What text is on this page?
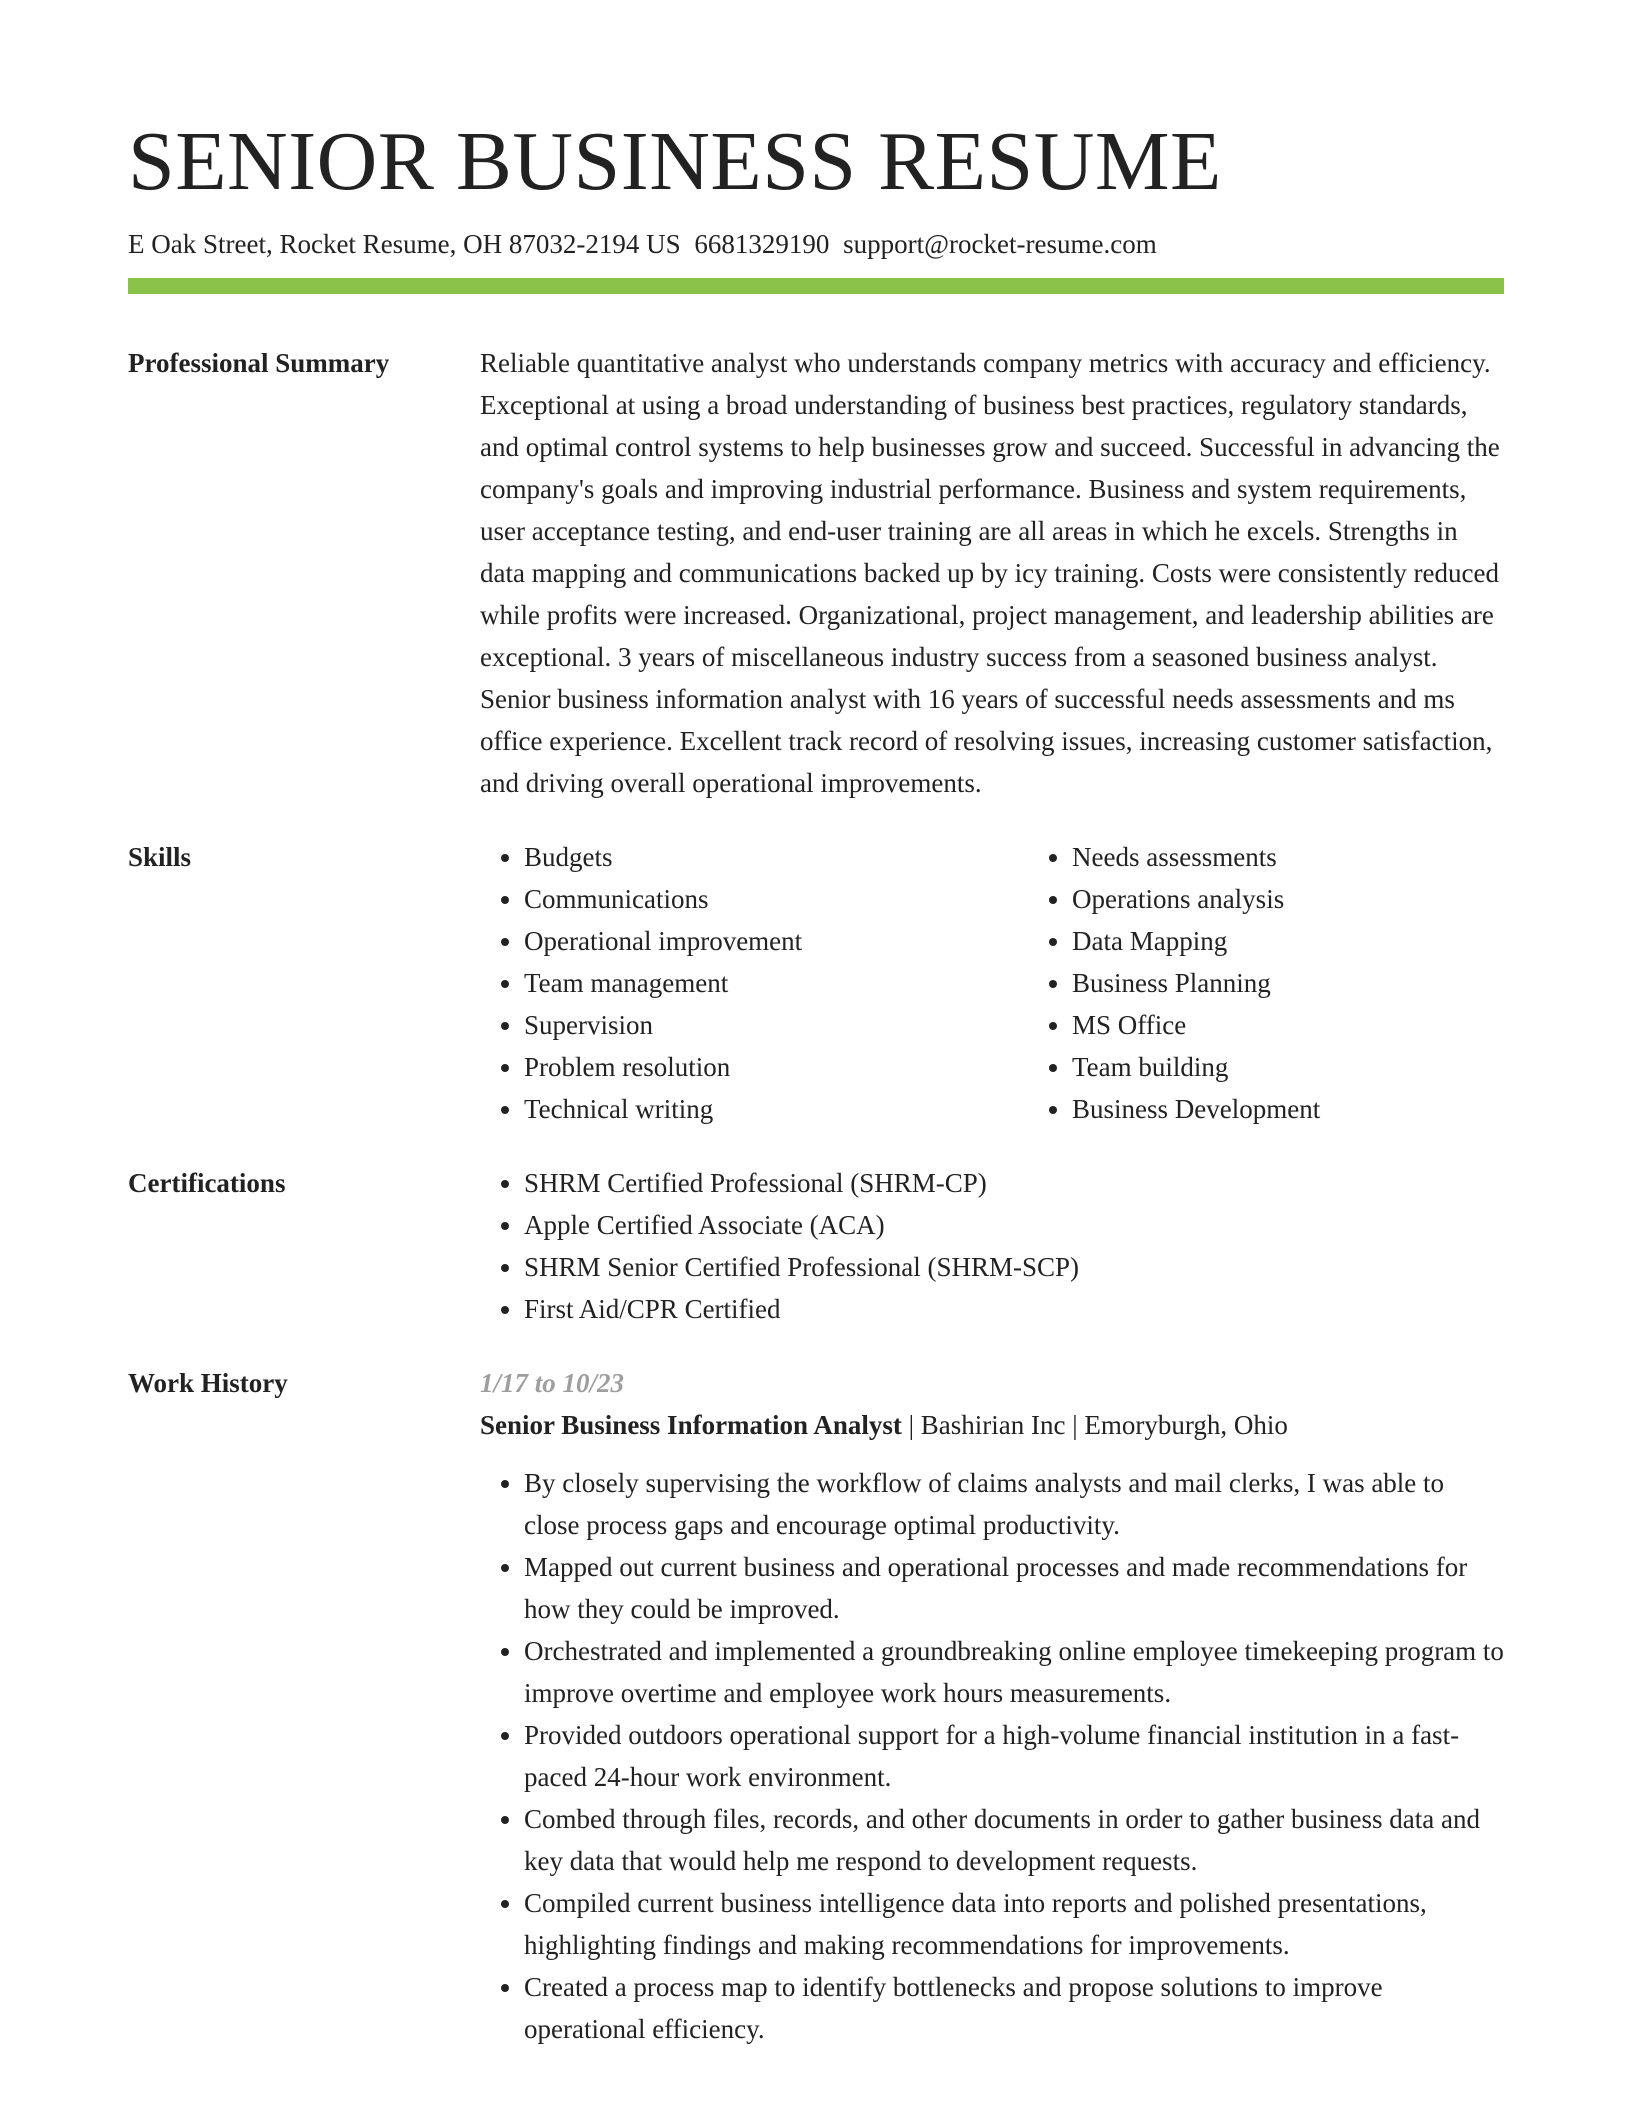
SENIOR BUSINESS RESUME
E Oak Street, Rocket Resume, OH 87032-2194 US 6681329190 support@rocket-resume.com
Professional Summary	Reliable quantitative analyst who understands company metrics with accuracy and efficiency. Exceptional at using a broad understanding of business best practices, regulatory standards, and optimal control systems to help businesses grow and succeed. Successful in advancing the company's goals and improving industrial performance. Business and system requirements, user acceptance testing, and end-user training are all areas in which he excels. Strengths in data mapping and communications backed up by icy training. Costs were consistently reduced while profits were increased. Organizational, project management, and leadership abilities are exceptional. 3 years of miscellaneous industry success from a seasoned business analyst. Senior business information analyst with 16 years of successful needs assessments and ms office experience. Excellent track record of resolving issues, increasing customer satisfaction, and driving overall operational improvements.

Skills	• Budgets
• Communications
• Operational improvement
• Team management
• Supervision
• Problem resolution
• Technical writing
• Needs assessments
• Operations analysis
• Data Mapping
• Business Planning
• MS Office
• Team building
• Business Development
Certifications	• SHRM Certified Professional (SHRM-CP)
• Apple Certified Associate (ACA)
• SHRM Senior Certified Professional (SHRM-SCP)
• First Aid/CPR Certified
Work History	1/17 to 10/23
Senior Business Information Analyst | Bashirian Inc | Emoryburgh, Ohio
• By closely supervising the workflow of claims analysts and mail clerks, I was able to close process gaps and encourage optimal productivity.
• Mapped out current business and operational processes and made recommendations for how they could be improved.
• Orchestrated and implemented a groundbreaking online employee timekeeping program to improve overtime and employee work hours measurements.
• Provided outdoors operational support for a high-volume financial institution in a fast-paced 24-hour work environment.
• Combed through files, records, and other documents in order to gather business data and key data that would help me respond to development requests.
• Compiled current business intelligence data into reports and polished presentations, highlighting findings and making recommendations for improvements.
• Created a process map to identify bottlenecks and propose solutions to improve operational efficiency.
